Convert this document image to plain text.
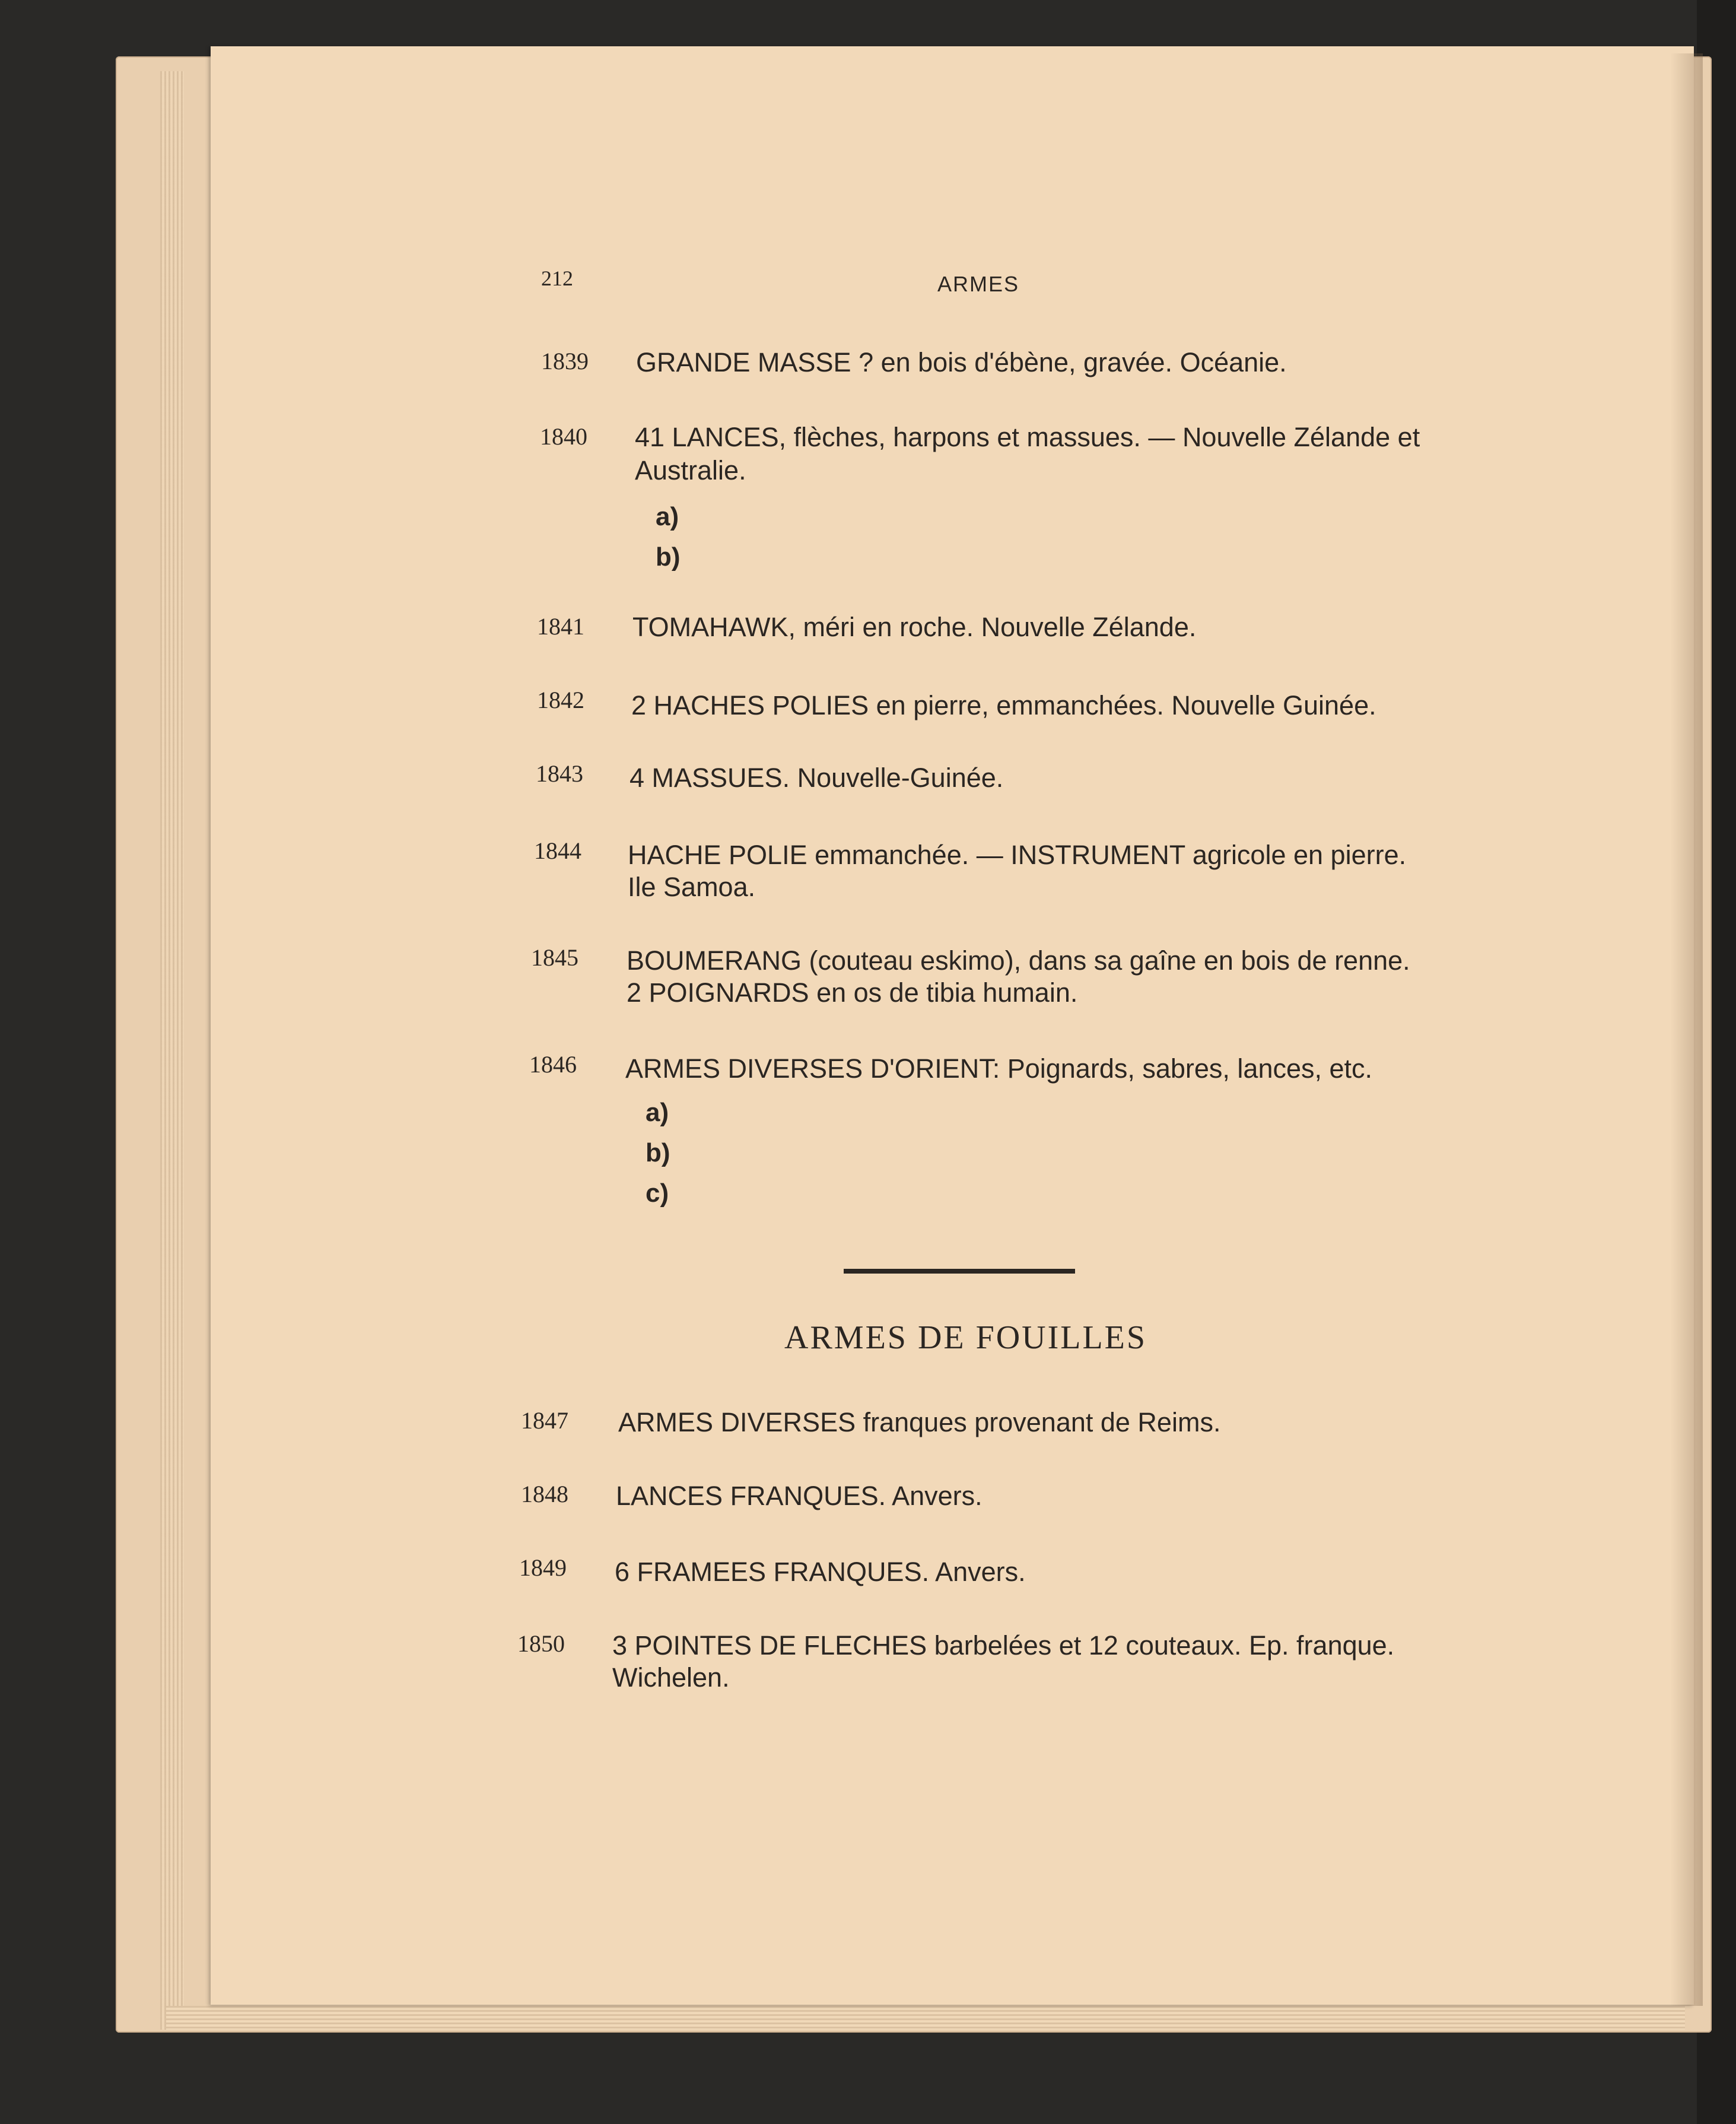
212	ARMES
1839 GRANDE MASSE ? en bois d'ébène, gravée. Océanie.
1840 41 LANCES, flèches, harpons et massues. — Nouvelle Zélande et
Australie.
a)
b)
1841 TOMAHAWK, méri en roche. Nouvelle Zélande.
1842 2 HACHES POLIES en pierre, emmanchées. Nouvelle Guinée.
1843 4 MASSUES. Nouvelle-Guinée.
1844 HACHE POLIE emmanchée. — INSTRUMENT agricole en pierre.
Ile Samoa.
1845 BOUMERANG (couteau eskimo), dans sa gaîne en bois de renne.
2 POIGNARDS en os de tibia humain.
1846 ARMES DIVERSES D'ORIENT: Poignards, sabres, lances, etc.
a)
b)
c)
ARMES DE FOUILLES
1847 ARMES DIVERSES franques provenant de Reims.
1848 LANCES FRANQUES. Anvers.
1849 6 FRAMEES FRANQUES. Anvers.
1850 3 POINTES DE FLECHES barbelées et 12 couteaux. Ep. franque.
Wichelen.
